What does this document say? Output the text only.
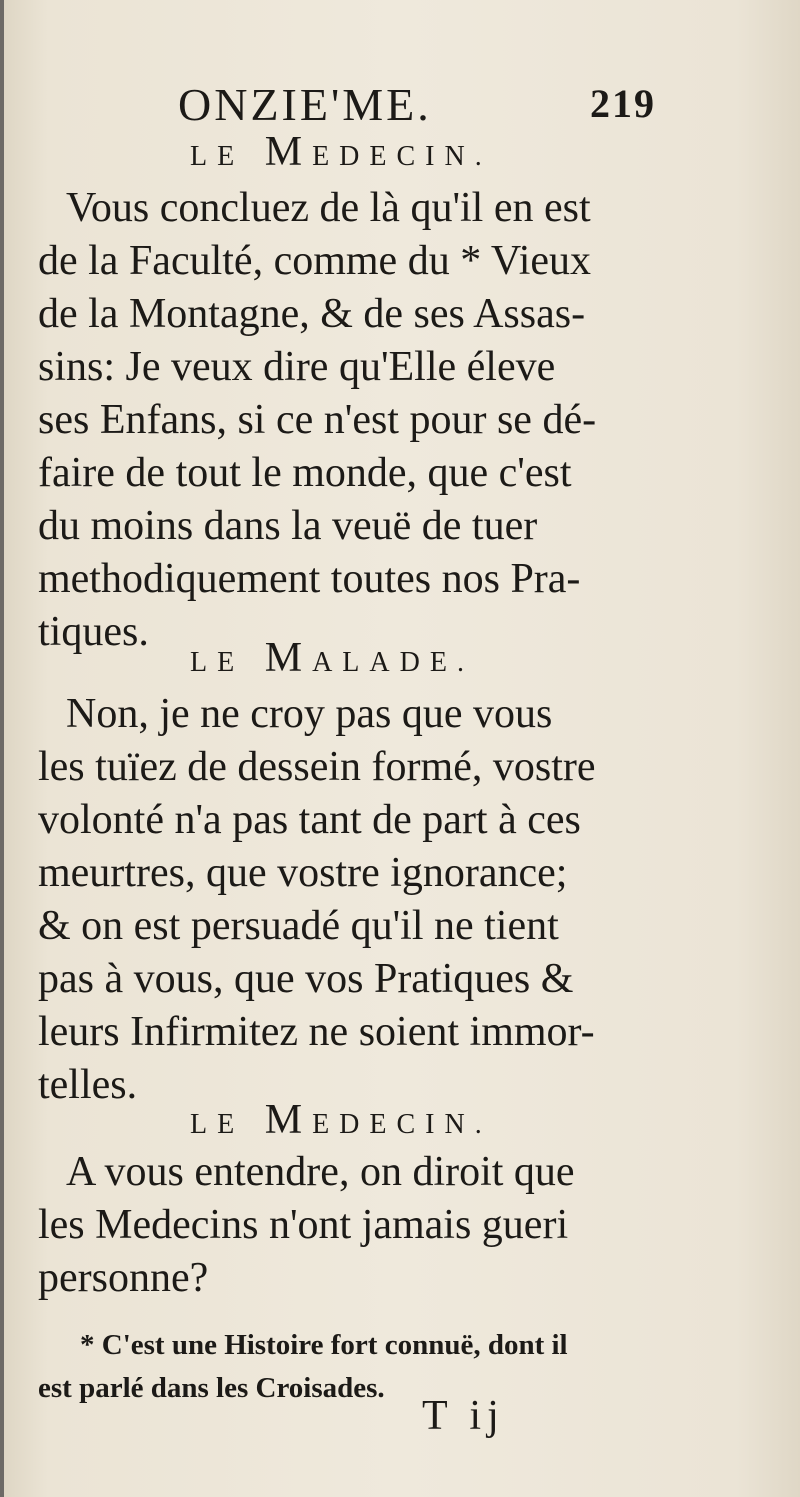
ONZIE'ME.	219
LE MEDECIN.
Vous concluez de là qu'il en est
de la Faculté, comme du * Vieux
de la Montagne, & de ses Assas-
sins: Je veux dire qu'Elle éleve
ses Enfans, si ce n'est pour se dé-
faire de tout le monde, que c'est
du moins dans la veuë de tuer
methodiquement toutes nos Pra-
tiques.
LE MALADE.
Non, je ne croy pas que vous
les tuïez de dessein formé, vostre
volonté n'a pas tant de part à ces
meurtres, que vostre ignorance;
& on est persuadé qu'il ne tient
pas à vous, que vos Pratiques &
leurs Infirmitez ne soient immor-
telles.
LE MEDECIN.
A vous entendre, on diroit que
les Medecins n'ont jamais gueri
personne?
* C'est une Histoire fort connuë, dont il
est parlé dans les Croisades.
T ij
